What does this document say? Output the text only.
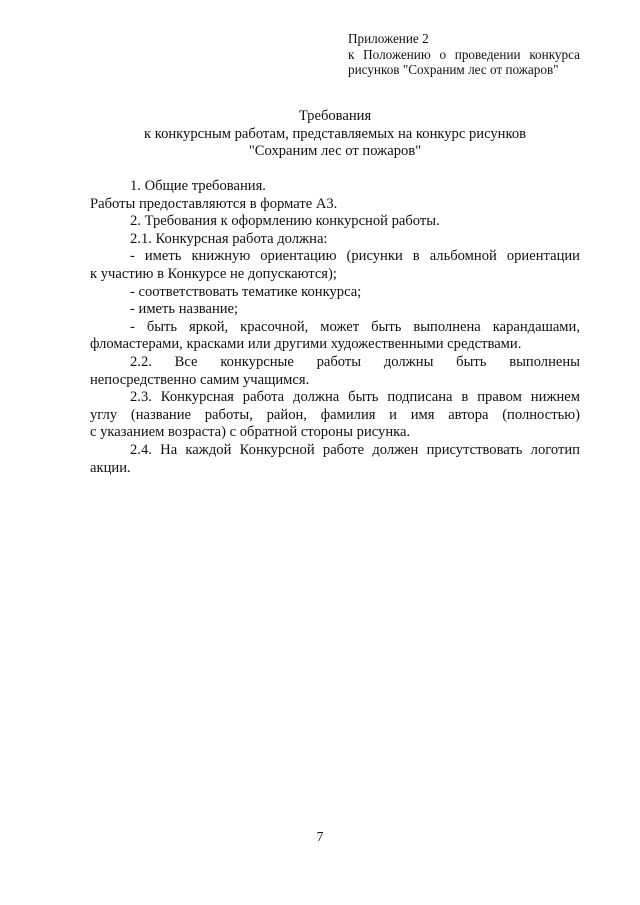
Приложение 2
к Положению о проведении конкурса
рисунков "Сохраним лес от пожаров"
Требования
к конкурсным работам, представляемых на конкурс рисунков
"Сохраним лес от пожаров"
1. Общие требования.
Работы предоставляются в формате А3.
2. Требования к оформлению конкурсной работы.
2.1. Конкурсная работа должна:
- иметь книжную ориентацию (рисунки в альбомной ориентации
к участию в Конкурсе не допускаются);
- соответствовать тематике конкурса;
- иметь название;
- быть яркой, красочной, может быть выполнена карандашами,
фломастерами, красками или другими художественными средствами.
2.2. Все конкурсные работы должны быть выполнены
непосредственно самим учащимся.
2.3. Конкурсная работа должна быть подписана в правом нижнем
углу (название работы, район, фамилия и имя автора (полностью)
с указанием возраста) с обратной стороны рисунка.
2.4. На каждой Конкурсной работе должен присутствовать логотип
акции.
7
